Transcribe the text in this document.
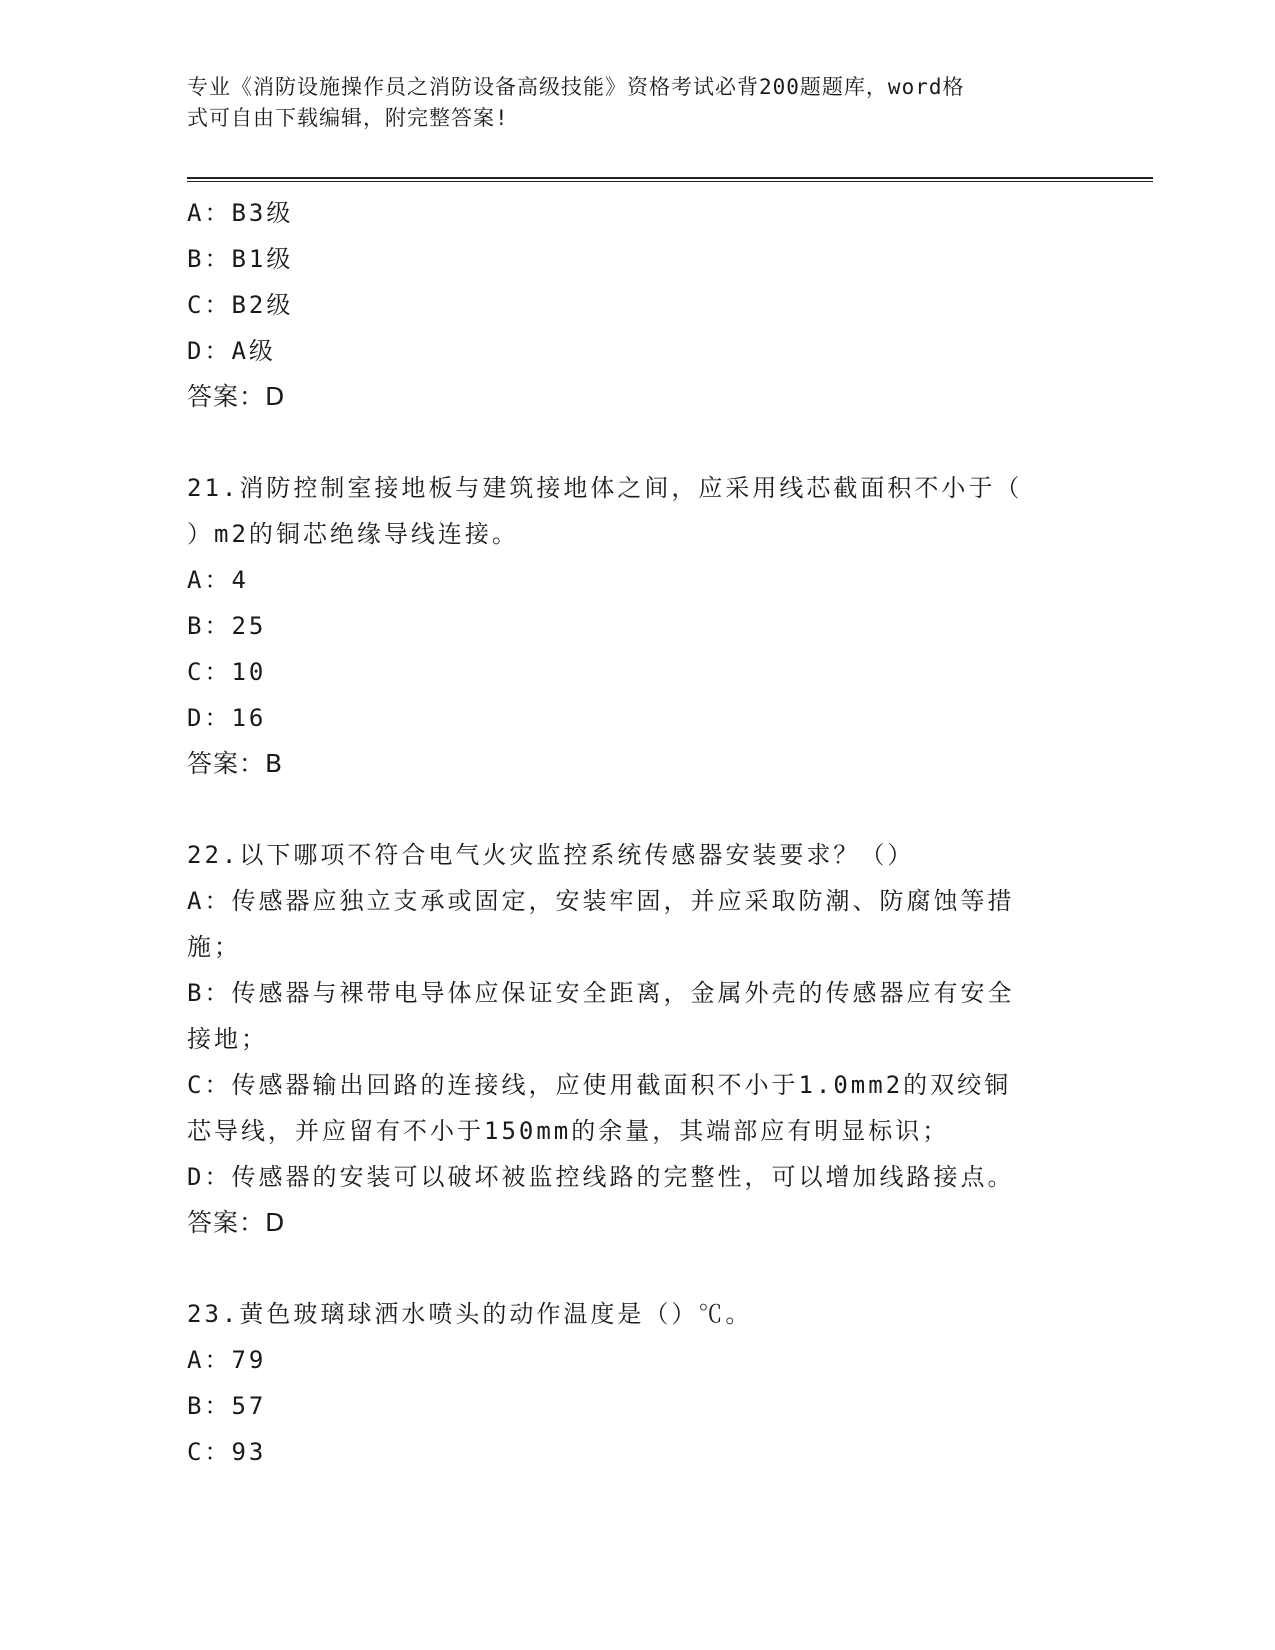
专业《消防设施操作员之消防设备高级技能》资格考试必背200题题库，word格
式可自由下载编辑，附完整答案!
A：B3级
B：B1级
C：B2级
D：A级
答案：D
21.消防控制室接地板与建筑接地体之间，应采用线芯截面积不小于（
）m2的铜芯绝缘导线连接。
A：4
B：25
C：10
D：16
答案：B
22.以下哪项不符合电气火灾监控系统传感器安装要求？（）
A：传感器应独立支承或固定，安装牢固，并应采取防潮、防腐蚀等措
施；
B：传感器与裸带电导体应保证安全距离，金属外壳的传感器应有安全
接地；
C：传感器输出回路的连接线，应使用截面积不小于1.0mm2的双绞铜
芯导线，并应留有不小于150mm的余量，其端部应有明显标识；
D：传感器的安装可以破坏被监控线路的完整性，可以增加线路接点。
答案：D
23.黄色玻璃球洒水喷头的动作温度是（）℃。
A：79
B：57
C：93
